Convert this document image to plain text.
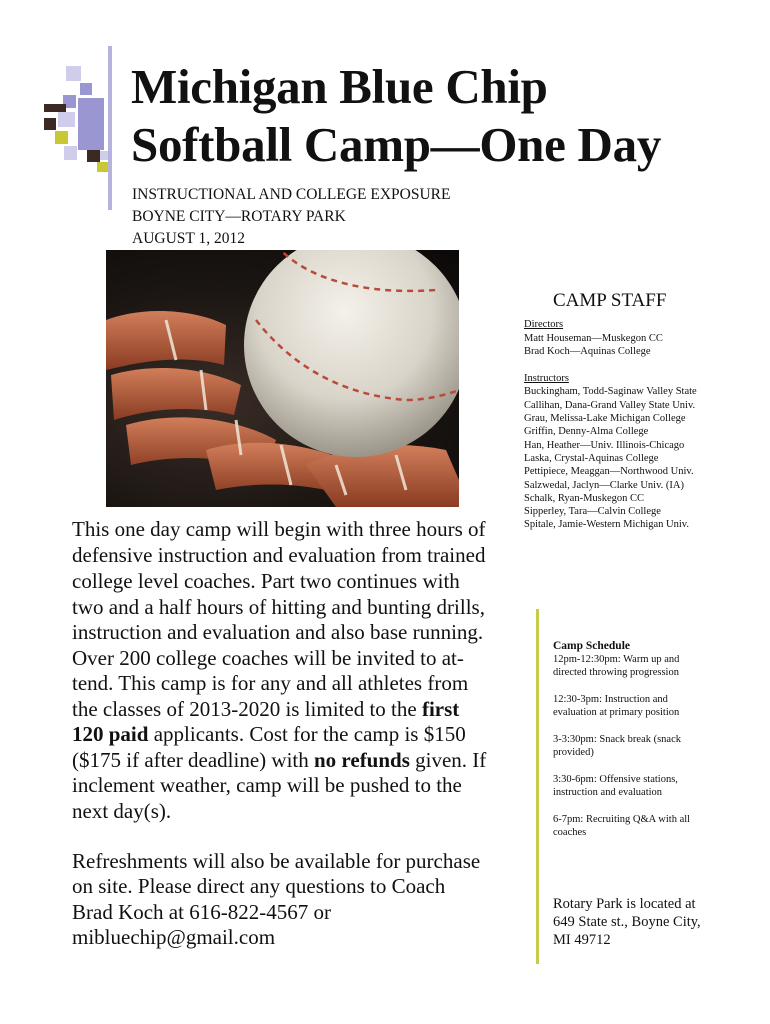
Michigan Blue Chip
Softball Camp—One Day
INSTRUCTIONAL AND COLLEGE EXPOSURE
BOYNE CITY—ROTARY PARK
AUGUST 1, 2012
CAMP STAFF
Directors
Matt Houseman—Muskegon CC
Brad Koch—Aquinas College
Instructors
Buckingham, Todd-Saginaw Valley State
Callihan, Dana-Grand Valley State Univ.
Grau, Melissa-Lake Michigan College
Griffin, Denny-Alma College
Han, Heather—Univ. Illinois-Chicago
Laska, Crystal-Aquinas College
Pettipiece, Meaggan—Northwood Univ.
Salzwedal, Jaclyn—Clarke Univ. (IA)
Schalk, Ryan-Muskegon CC
Sipperley, Tara—Calvin College
Spitale, Jamie-Western Michigan Univ.
This one day camp will begin with three hours of
defensive instruction and evaluation from trained
college level coaches. Part two continues with
two and a half hours of hitting and bunting drills,
instruction and evaluation and also base running.
Over 200 college coaches will be invited to at-
tend. This camp is for any and all athletes from
the classes of 2013-2020 is limited to the first
120 paid applicants. Cost for the camp is $150
($175 if after deadline) with no refunds given. If
inclement weather, camp will be pushed to the
next day(s).
Refreshments will also be available for purchase
on site. Please direct any questions to Coach
Brad Koch at 616-822-4567 or
mibluechip@gmail.com
Camp Schedule
12pm-12:30pm: Warm up and
directed throwing progression
12:30-3pm: Instruction and
evaluation at primary position
3-3:30pm: Snack break (snack
provided)
3:30-6pm: Offensive stations,
instruction and evaluation
6-7pm: Recruiting Q&A with all
coaches
Rotary Park is located at
649 State st., Boyne City,
MI 49712
